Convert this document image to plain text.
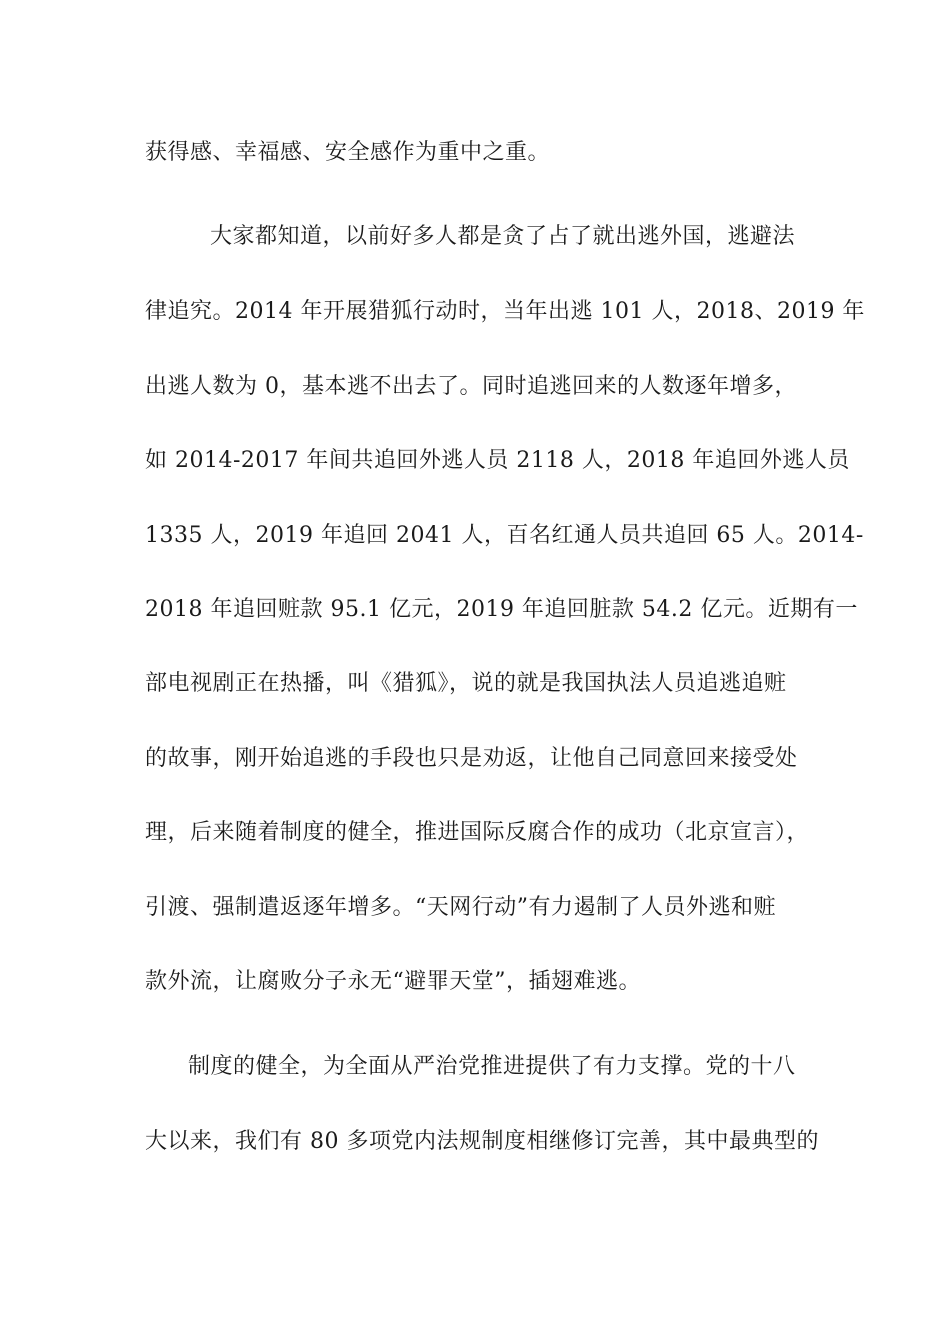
获得感、幸福感、安全感作为重中之重。
大家都知道，以前好多人都是贪了占了就出逃外国，逃避法
律追究。2014 年开展猎狐行动时，当年出逃 101 人，2018、2019 年
出逃人数为 0，基本逃不出去了。同时追逃回来的人数逐年增多，
如 2014-2017 年间共追回外逃人员 2118 人，2018 年追回外逃人员
1335 人，2019 年追回 2041 人，百名红通人员共追回 65 人。2014-
2018 年追回赃款 95.1 亿元，2019 年追回脏款 54.2 亿元。近期有一
部电视剧正在热播，叫《猎狐》，说的就是我国执法人员追逃追赃
的故事，刚开始追逃的手段也只是劝返，让他自己同意回来接受处
理，后来随着制度的健全，推进国际反腐合作的成功（北京宣言），
引渡、强制遣返逐年增多。“天网行动”有力遏制了人员外逃和赃
款外流，让腐败分子永无“避罪天堂”，插翅难逃。
制度的健全，为全面从严治党推进提供了有力支撑。党的十八
大以来，我们有 80 多项党内法规制度相继修订完善，其中最典型的
